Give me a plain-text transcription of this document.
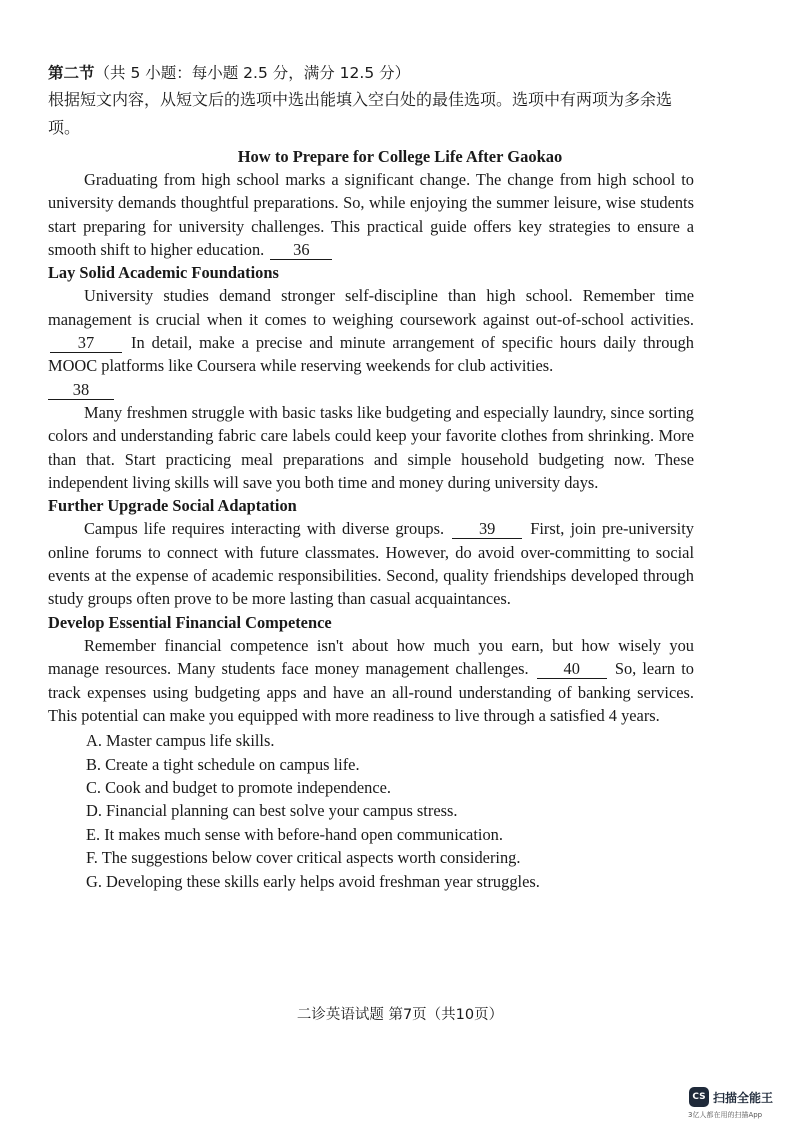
第二节（共 5 小题：每小题 2.5 分，满分 12.5 分）
根据短文内容，从短文后的选项中选出能填入空白处的最佳选项。选项中有两项为多余选项。
How to Prepare for College Life After Gaokao

Graduating from high school marks a significant change. The change from high school to university demands thoughtful preparations. So, while enjoying the summer leisure, wise students start preparing for university challenges. This practical guide offers key strategies to ensure a smooth shift to higher education. 36

Lay Solid Academic Foundations

University studies demand stronger self-discipline than high school. Remember time management is crucial when it comes to weighing coursework against out-of-school activities. 37 In detail, make a precise and minute arrangement of specific hours daily through MOOC platforms like Coursera while reserving weekends for club activities.

38

Many freshmen struggle with basic tasks like budgeting and especially laundry, since sorting colors and understanding fabric care labels could keep your favorite clothes from shrinking. More than that. Start practicing meal preparations and simple household budgeting now. These independent living skills will save you both time and money during university days.

Further Upgrade Social Adaptation

Campus life requires interacting with diverse groups. 39 First, join pre-university online forums to connect with future classmates. However, do avoid over-committing to social events at the expense of academic responsibilities. Second, quality friendships developed through study groups often prove to be more lasting than casual acquaintances.

Develop Essential Financial Competence

Remember financial competence isn't about how much you earn, but how wisely you manage resources. Many students face money management challenges. 40 So, learn to track expenses using budgeting apps and have an all-round understanding of banking services. This potential can make you equipped with more readiness to live through a satisfied 4 years.

A. Master campus life skills.
B. Create a tight schedule on campus life.
C. Cook and budget to promote independence.
D. Financial planning can best solve your campus stress.
E. It makes much sense with before-hand open communication.
F. The suggestions below cover critical aspects worth considering.
G. Developing these skills early helps avoid freshman year struggles.
二诊英语试题 第7页（共10页）
CS 扫描全能王
3亿人都在用的扫描App
